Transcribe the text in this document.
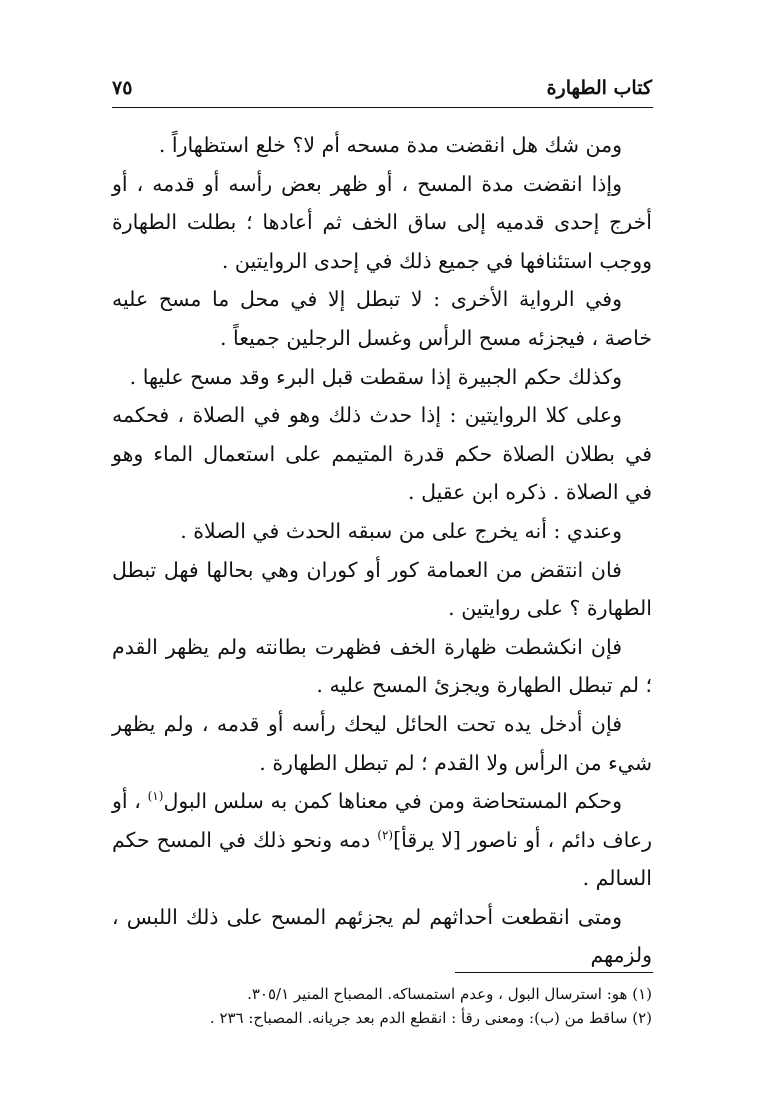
كتاب الطهارة
٧٥

ومن شك هل انقضت مدة مسحه أم لا؟ خلع استظهاراً .

وإذا انقضت مدة المسح ، أو ظهر بعض رأسه أو قدمه ، أو أخرج إحدى قدميه إلى ساق الخف ثم أعادها ؛ بطلت الطهارة ووجب استئنافها في جميع ذلك في إحدى الروايتين .

وفي الرواية الأخرى : لا تبطل إلا في محل ما مسح عليه خاصة ، فيجزئه مسح الرأس وغسل الرجلين جميعاً .

وكذلك حكم الجبيرة إذا سقطت قبل البرء وقد مسح عليها .

وعلى كلا الروايتين : إذا حدث ذلك وهو في الصلاة ، فحكمه في بطلان الصلاة حكم قدرة المتيمم على استعمال الماء وهو في الصلاة . ذكره ابن عقيل .

وعندي : أنه يخرج على من سبقه الحدث في الصلاة .

فان انتقض من العمامة كور أو كوران وهي بحالها فهل تبطل الطهارة ؟ على روايتين .

فإن انكشطت ظهارة الخف فظهرت بطانته ولم يظهر القدم ؛ لم تبطل الطهارة ويجزئ المسح عليه .

فإن أدخل يده تحت الحائل ليحك رأسه أو قدمه ، ولم يظهر شيء من الرأس ولا القدم ؛ لم تبطل الطهارة .

وحكم المستحاضة ومن في معناها كمن به سلس البول$^{(١)}$ ، أو رعاف دائم ، أو ناصور [لا يرقأ]$^{(٢)}$ دمه ونحو ذلك في المسح حكم السالم .

ومتى انقطعت أحداثهم لم يجزئهم المسح على ذلك اللبس ، ولزمهم

(١) هو: استرسال البول ، وعدم استمساكه. المصباح المنير ٣٠٥/١.

(٢) ساقط من (ب): ومعنى رقأ : انقطع الدم بعد جريانه. المصباح: ٢٣٦ .
